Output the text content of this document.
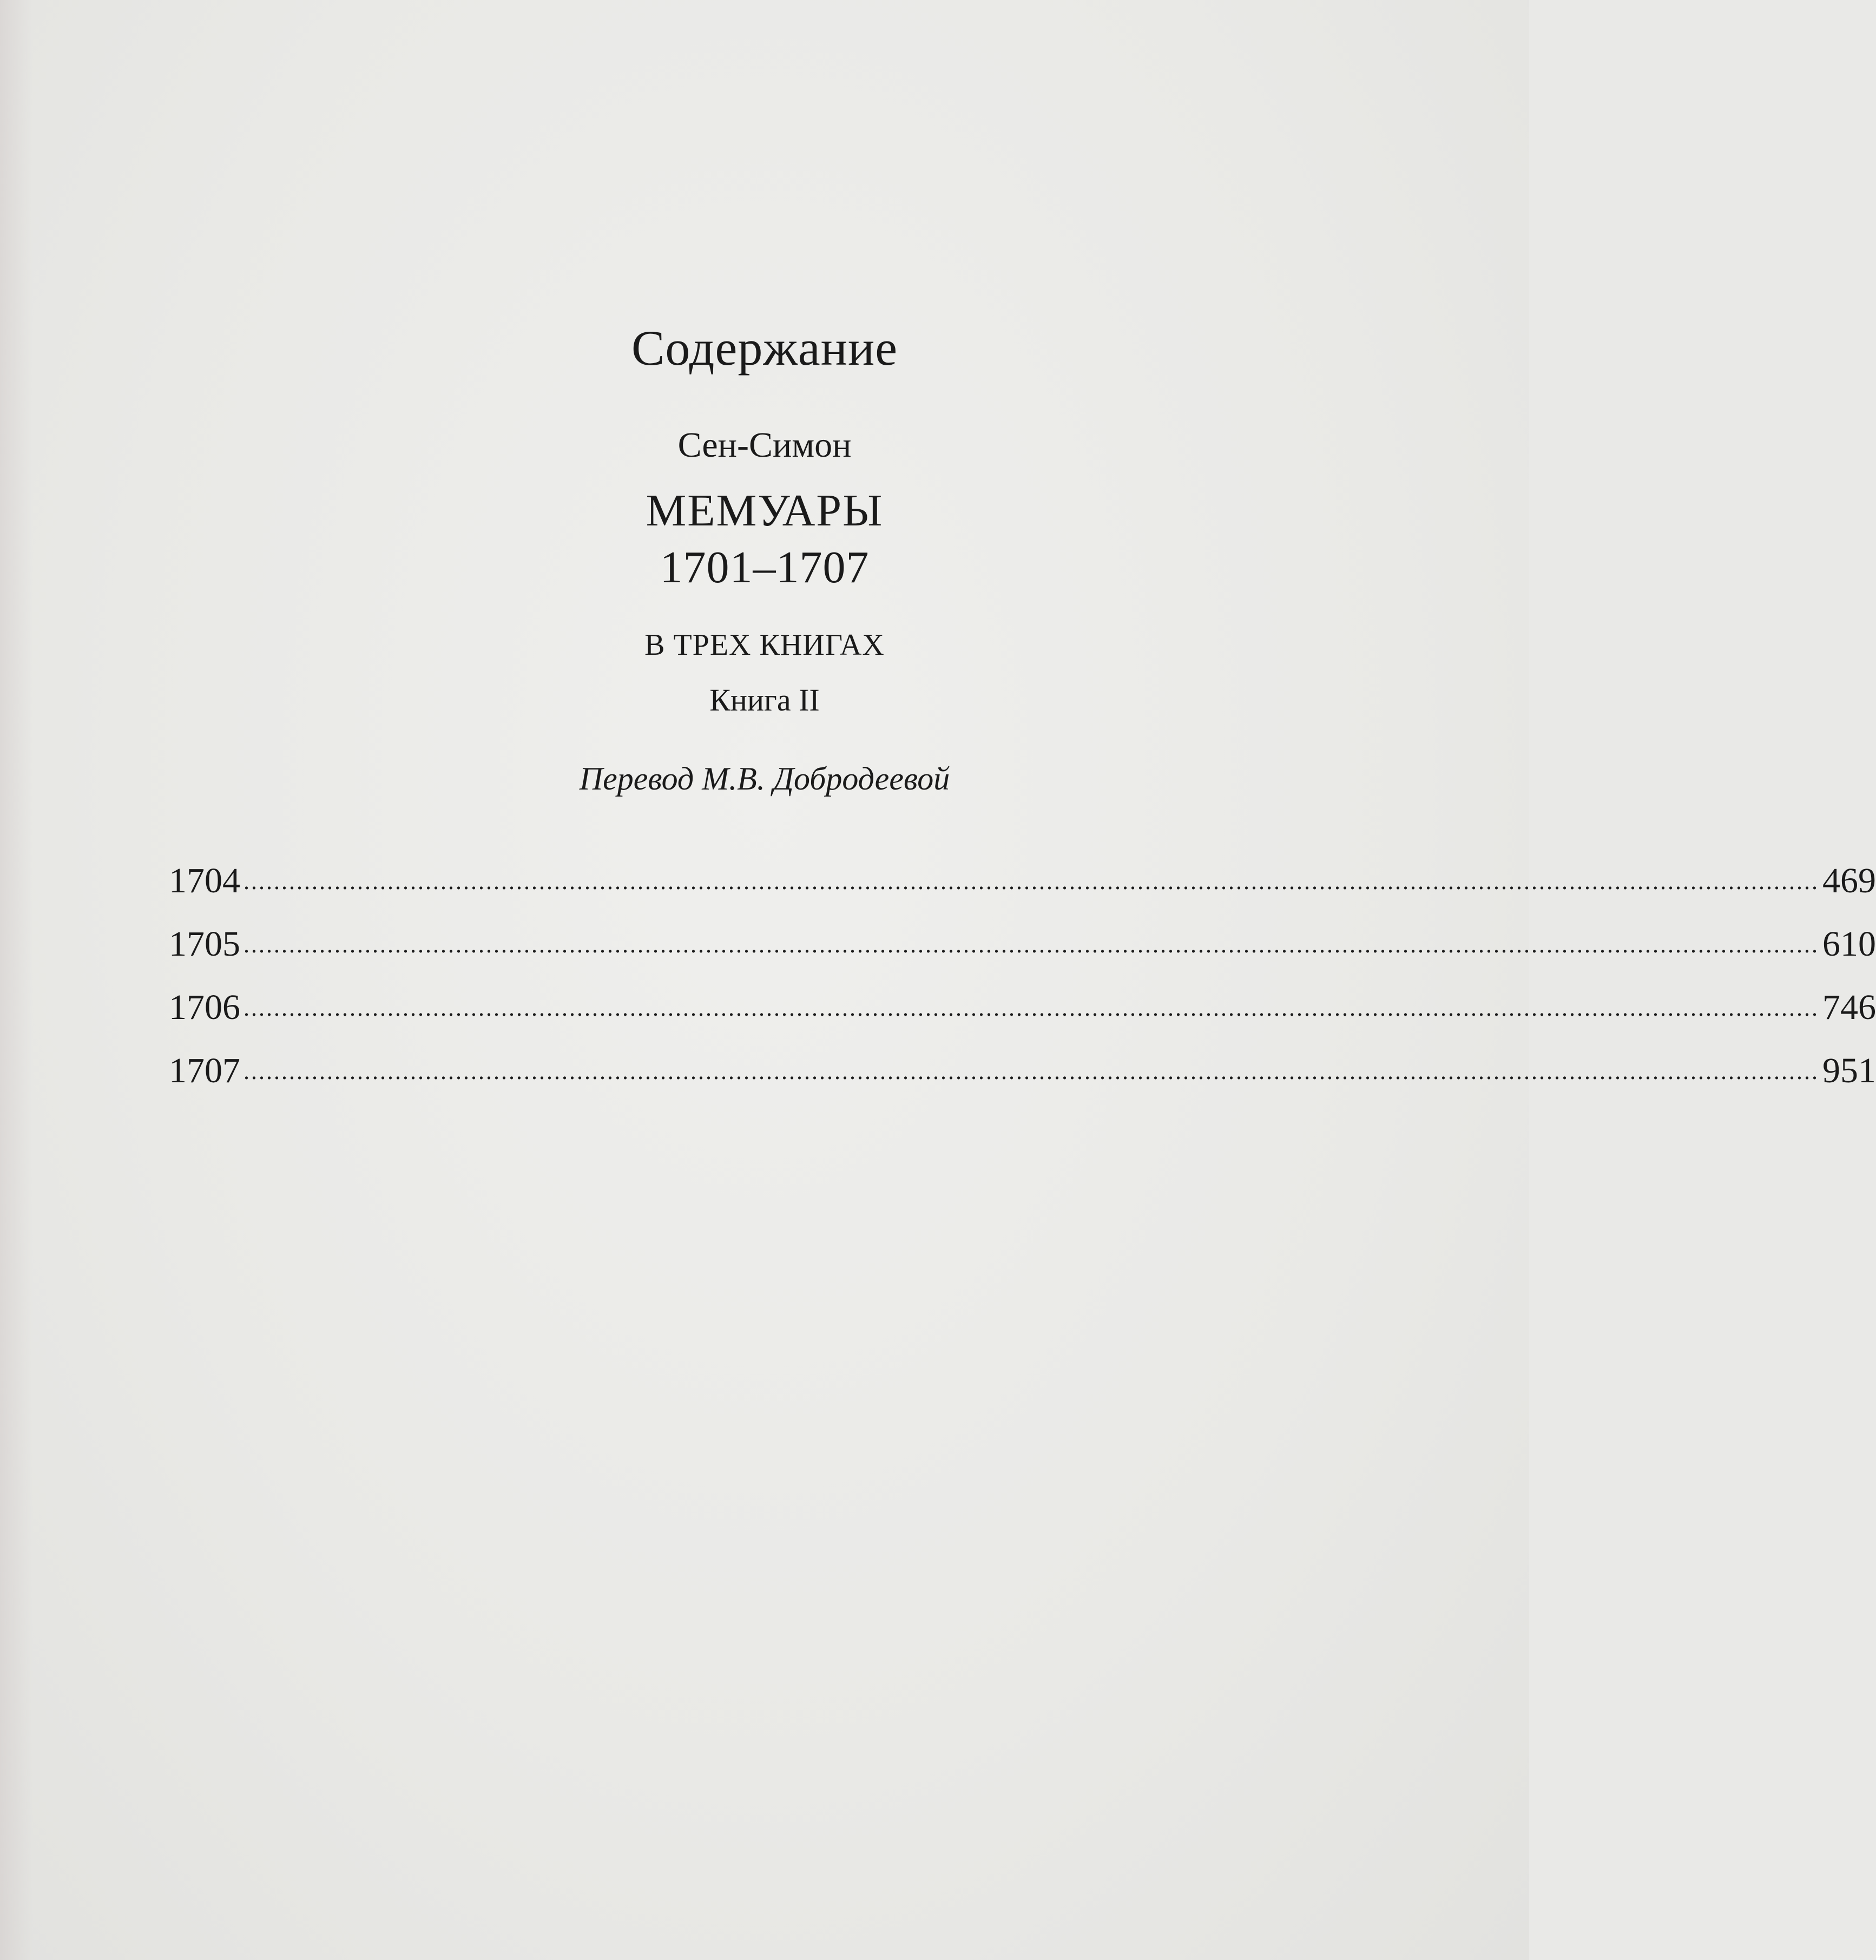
Содержание
Сен-Симон
МЕМУАРЫ
1701–1707
В ТРЕХ КНИГАХ
Книга II
Перевод М.В. Добродеевой
1704 ................................................................................................................................................................................................................ 469
1705 ................................................................................................................................................................................................................ 610
1706 ................................................................................................................................................................................................................ 746
1707 ................................................................................................................................................................................................................ 951
